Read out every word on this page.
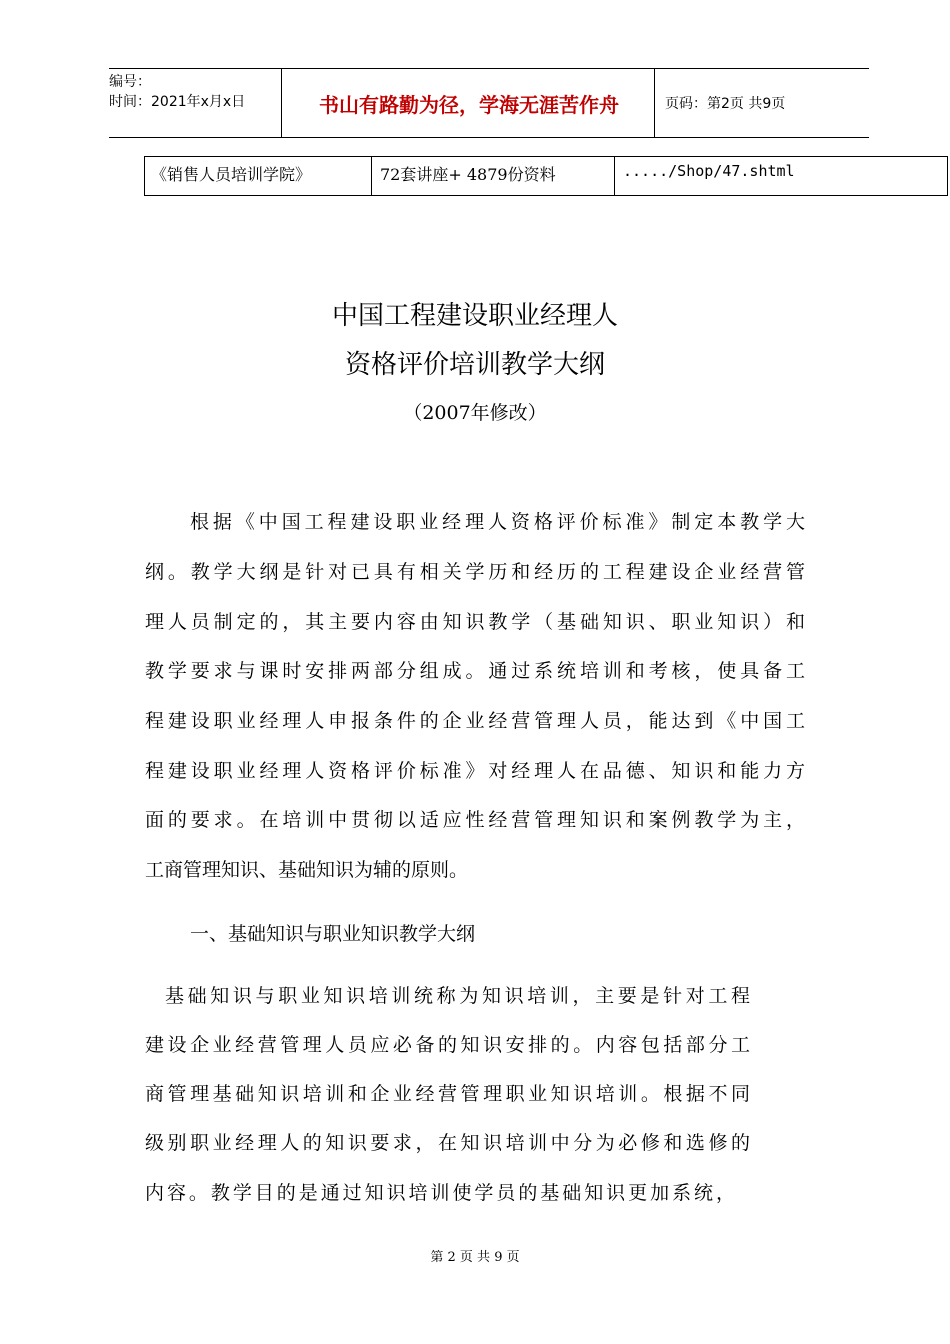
编号：
时间：2021年x月x日	书山有路勤为径，学海无涯苦作舟	页码：第2页 共9页
《销售人员培训学院》	72套讲座+ 4879份资料	...../Shop/47.shtml
中国工程建设职业经理人
资格评价培训教学大纲
（2007年修改）
根据《中国工程建设职业经理人资格评价标准》制定本教学大
纲。教学大纲是针对已具有相关学历和经历的工程建设企业经营管
理人员制定的，其主要内容由知识教学（基础知识、职业知识）和
教学要求与课时安排两部分组成。通过系统培训和考核，使具备工
程建设职业经理人申报条件的企业经营管理人员，能达到《中国工
程建设职业经理人资格评价标准》对经理人在品德、知识和能力方
面的要求。在培训中贯彻以适应性经营管理知识和案例教学为主，
工商管理知识、基础知识为辅的原则。
一、基础知识与职业知识教学大纲
基础知识与职业知识培训统称为知识培训，主要是针对工程
建设企业经营管理人员应必备的知识安排的。内容包括部分工
商管理基础知识培训和企业经营管理职业知识培训。根据不同
级别职业经理人的知识要求，在知识培训中分为必修和选修的
内容。教学目的是通过知识培训使学员的基础知识更加系统，
第 2 页 共 9 页
